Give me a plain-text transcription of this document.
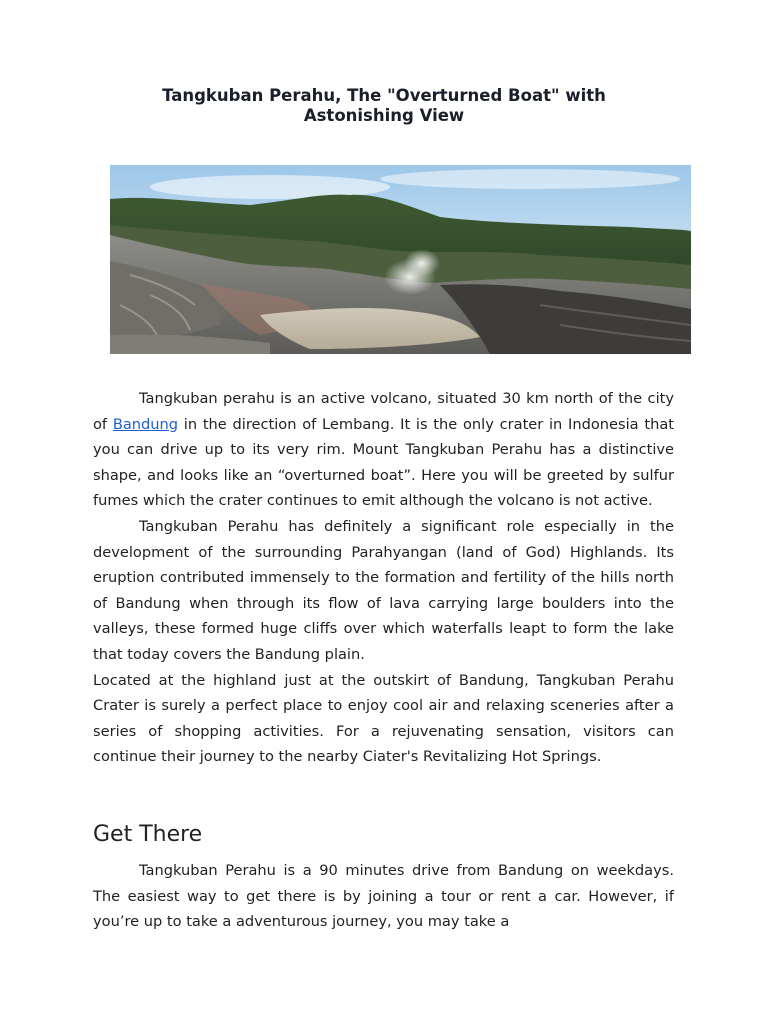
Tangkuban Perahu, The "Overturned Boat" with Astonishing View

Tangkuban perahu is an active volcano, situated 30 km north of the city of Bandung in the direction of Lembang. It is the only crater in Indonesia that you can drive up to its very rim. Mount Tangkuban Perahu has a distinctive shape, and looks like an “overturned boat”. Here you will be greeted by sulfur fumes which the crater continues to emit although the volcano is not active.

Tangkuban Perahu has definitely a significant role especially in the development of the surrounding Parahyangan (land of God) Highlands. Its eruption contributed immensely to the formation and fertility of the hills north of Bandung when through its flow of lava carrying large boulders into the valleys, these formed huge cliffs over which waterfalls leapt to form the lake that today covers the Bandung plain.

Located at the highland just at the outskirt of Bandung, Tangkuban Perahu Crater is surely a perfect place to enjoy cool air and relaxing sceneries after a series of shopping activities. For a rejuvenating sensation, visitors can continue their journey to the nearby Ciater's Revitalizing Hot Springs.

Get There

Tangkuban Perahu is a 90 minutes drive from Bandung on weekdays. The easiest way to get there is by joining a tour or rent a car. However, if you’re up to take a adventurous journey, you may take a
